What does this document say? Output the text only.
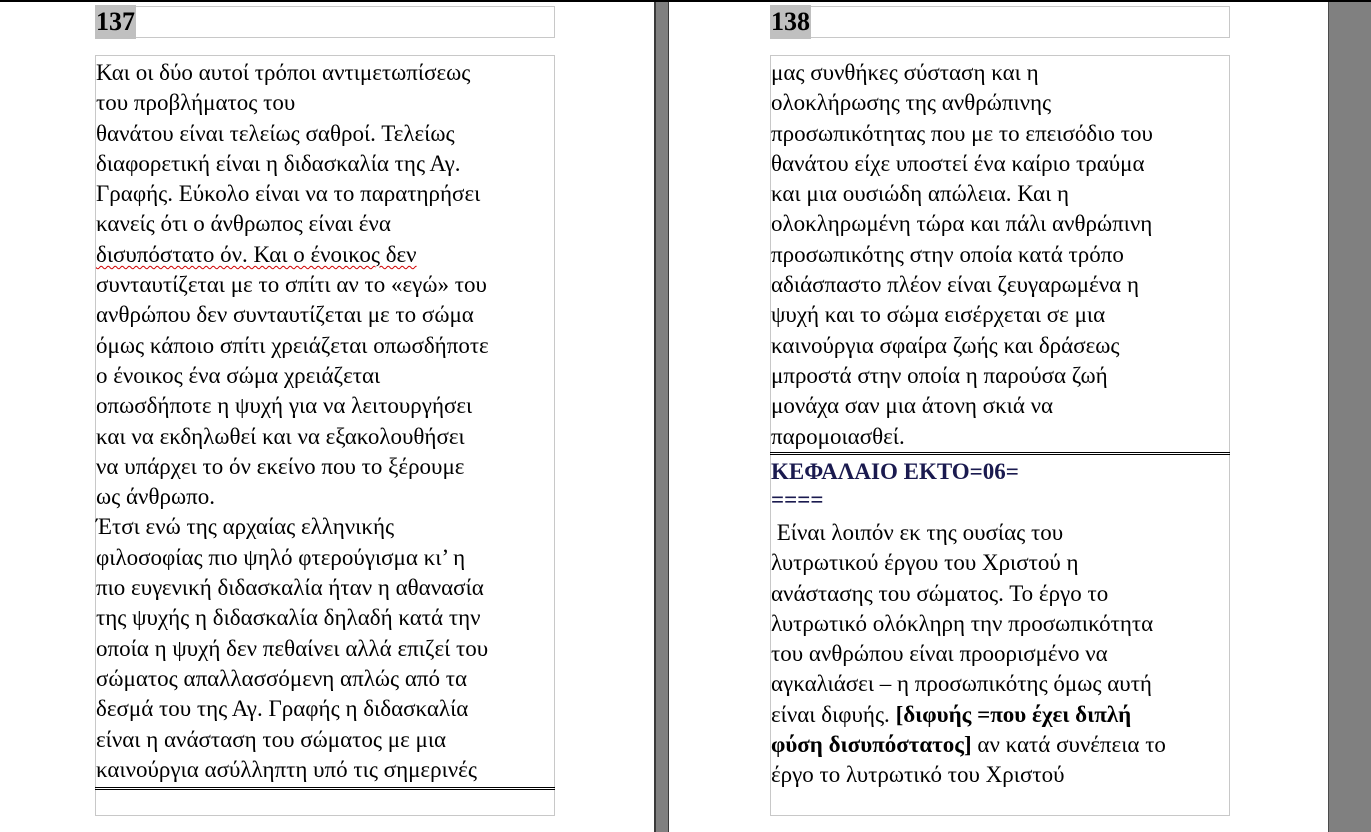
137
Και οι δύο αυτοί τρόποι αντιμετωπίσεως
του προβλήματος του
θανάτου είναι τελείως σαθροί. Τελείως
διαφορετική είναι η διδασκαλία της Αγ.
Γραφής. Εύκολο είναι να το παρατηρήσει
κανείς ότι ο άνθρωπος είναι ένα
δισυπόστατο όν. Και ο ένοικος δεν
συνταυτίζεται με το σπίτι αν το «εγώ» του
ανθρώπου δεν συνταυτίζεται με το σώμα
όμως κάποιο σπίτι χρειάζεται οπωσδήποτε
ο ένοικος ένα σώμα χρειάζεται
οπωσδήποτε η ψυχή για να λειτουργήσει
και να εκδηλωθεί και να εξακολουθήσει
να υπάρχει το όν εκείνο που το ξέρουμε
ως άνθρωπο.
Έτσι ενώ της αρχαίας ελληνικής
φιλοσοφίας πιο ψηλό φτερούγισμα κι’ η
πιο ευγενική διδασκαλία ήταν η αθανασία
της ψυχής η διδασκαλία δηλαδή κατά την
οποία η ψυχή δεν πεθαίνει αλλά επιζεί του
σώματος απαλλασσόμενη απλώς από τα
δεσμά του της Αγ. Γραφής η διδασκαλία
είναι η ανάσταση του σώματος με μια
καινούργια ασύλληπτη υπό τις σημερινές
138
μας συνθήκες σύσταση και η
ολοκλήρωσης της ανθρώπινης
προσωπικότητας που με το επεισόδιο του
θανάτου είχε υποστεί ένα καίριο τραύμα
και μια ουσιώδη απώλεια. Και η
ολοκληρωμένη τώρα και πάλι ανθρώπινη
προσωπικότης στην οποία κατά τρόπο
αδιάσπαστο πλέον είναι ζευγαρωμένα η
ψυχή και το σώμα εισέρχεται σε μια
καινούργια σφαίρα ζωής και δράσεως
μπροστά στην οποία η παρούσα ζωή
μονάχα σαν μια άτονη σκιά να
παρομοιασθεί.
ΚΕΦΑΛΑΙΟ ΕΚΤΟ=06=
====
Είναι λοιπόν εκ της ουσίας του
λυτρωτικού έργου του Χριστού η
ανάστασης του σώματος. Το έργο το
λυτρωτικό ολόκληρη την προσωπικότητα
του ανθρώπου είναι προορισμένο να
αγκαλιάσει – η προσωπικότης όμως αυτή
είναι διφυής. [διφυής =που έχει διπλή
φύση δισυπόστατος] αν κατά συνέπεια το
έργο το λυτρωτικό του Χριστού
